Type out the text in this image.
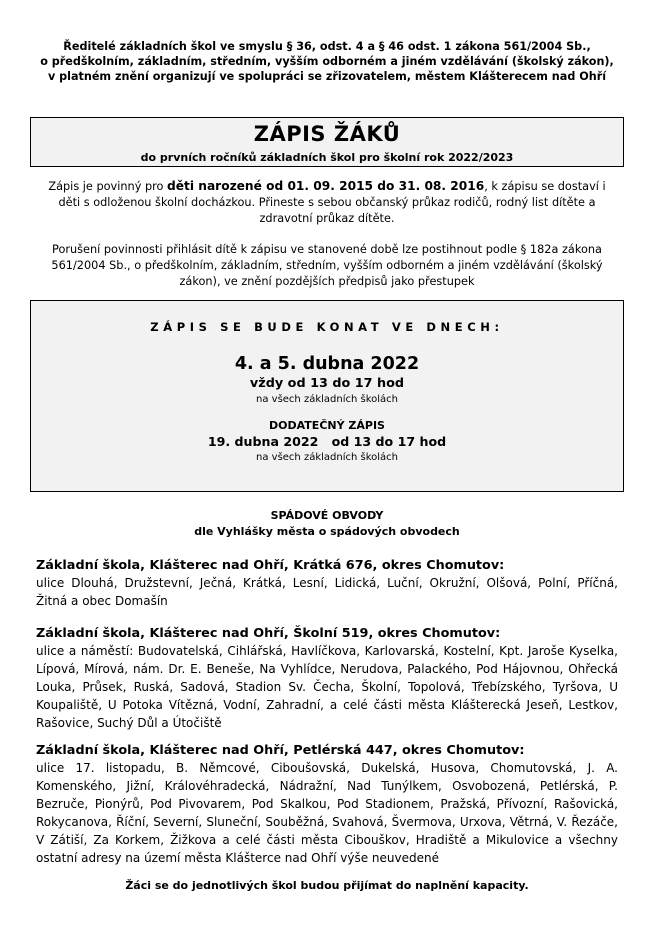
Ředitelé základních škol ve smyslu § 36, odst. 4 a § 46 odst. 1 zákona 561/2004 Sb.,
o předškolním, základním, středním, vyšším odborném a jiném vzdělávání (školský zákon),
v platném znění organizují ve spolupráci se zřizovatelem, městem Klášterecem nad Ohří
ZÁPIS ŽÁKŮ
do prvních ročníků základních škol pro školní rok 2022/2023
Zápis je povinný pro děti narozené od 01. 09. 2015 do 31. 08. 2016, k zápisu se dostaví i děti s odloženou školní docházkou. Přineste s sebou občanský průkaz rodičů, rodný list dítěte a zdravotní průkaz dítěte.
Porušení povinnosti přihlásit dítě k zápisu ve stanovené době lze postihnout podle § 182a zákona 561/2004 Sb., o předškolním, základním, středním, vyšším odborném a jiném vzdělávání (školský zákon), ve znění pozdějších předpisů jako přestupek
ZÁPIS SE BUDE KONAT VE DNECH:
4. a 5. dubna 2022
vždy od 13 do 17 hod
na všech základních školách
DODATEČNÝ ZÁPIS
19. dubna 2022   od 13 do 17 hod
na všech základních školách
SPÁDOVÉ OBVODY
dle Vyhlášky města o spádových obvodech
Základní škola, Klášterec nad Ohří, Krátká 676, okres Chomutov:
ulice Dlouhá, Družstevní, Ječná, Krátká, Lesní, Lidická, Luční, Okružní, Olšová, Polní, Příčná, Žitná a obec Domašín
Základní škola, Klášterec nad Ohří, Školní 519, okres Chomutov:
ulice a náměstí: Budovatelská, Cihlářská, Havlíčkova, Karlovarská, Kostelní, Kpt. Jaroše Kyselka, Lípová, Mírová, nám. Dr. E. Beneše, Na Vyhlídce, Nerudova, Palackého, Pod Hájovnou, Ohřecká Louka, Průsek, Ruská, Sadová, Stadion Sv. Čecha, Školní, Topolová, Třebízského, Tyršova, U Koupaliště, U Potoka Vítězná, Vodní, Zahradní, a celé části města Klášterecká Jeseň, Lestkov, Rašovice, Suchý Důl a Útočiště
Základní škola, Klášterec nad Ohří, Petlérská 447, okres Chomutov:
ulice 17. listopadu, B. Němcové, Ciboušovská, Dukelská, Husova, Chomutovská, J. A. Komenského, Jižní, Královéhradecká, Nádražní, Nad Tunýlkem, Osvobozená, Petlérská, P. Bezruče, Pionýrů, Pod Pivovarem, Pod Skalkou, Pod Stadionem, Pražská, Přívozní, Rašovická, Rokycanova, Říční, Severní, Sluneční, Souběžná, Svahová, Švermova, Urxova, Větrná, V. Řezáče, V Zátiší, Za Korkem, Žižkova a celé části města Cibouškov, Hradiště a Mikulovice a všechny ostatní adresy na území města Klášterce nad Ohří výše neuvedené
Žáci se do jednotlivých škol budou přijímat do naplnění kapacity.
